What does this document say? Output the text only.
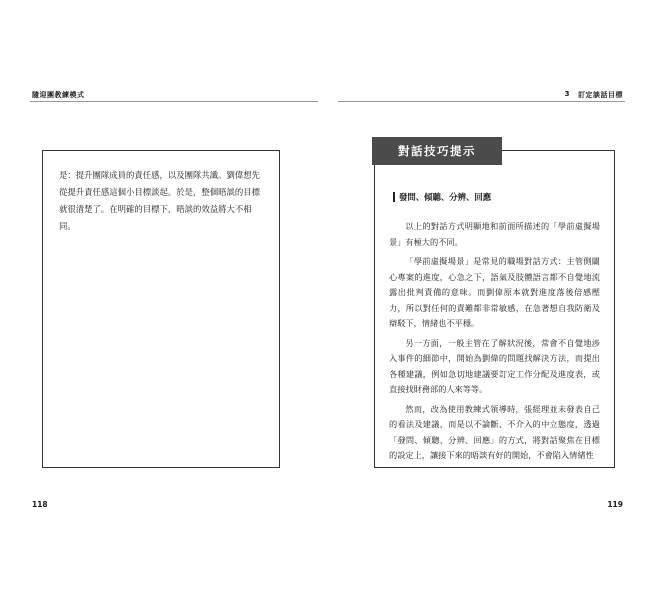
隨迎團教練模式	3 訂定談話目標

是：提升團隊成員的責任感，以及團隊共識。劉偉想先從提升責任感這個小目標談起。於是，整個晤談的目標就很清楚了。在明確的目標下，晤談的效益將大不相同。

對話技巧提示
發問、傾聽、分辨、回應

以上的對話方式明顯地和前面所描述的「學前虛擬場景」有極大的不同。

「學前虛擬場景」是常見的職場對話方式：主管側闢心專案的進度，心急之下，語氣及肢體語言都不自覺地流露出批判責備的意味。而劉偉原本就對進度落後倍感壓力，所以對任何的責難都非常敏感，在急著想自我防衛及辯駁下，情緒也不平穩。

另一方面，一般主管在了解狀況後，常會不自覺地涉入事件的細節中，開始為劉偉的問題找解決方法，而提出各種建議，例如急切地建議要訂定工作分配及進度表，或直接找財務部的人來等等。

然而，改為使用教練式領導時，張經理並未發表自己的看法及建議，而是以不論斷、不介入的中立態度，透過「發問、傾聽、分辨、回應」的方式，將對話聚焦在目標的設定上，讓接下來的晤談有好的開始，不會陷入情緒性

118	119
